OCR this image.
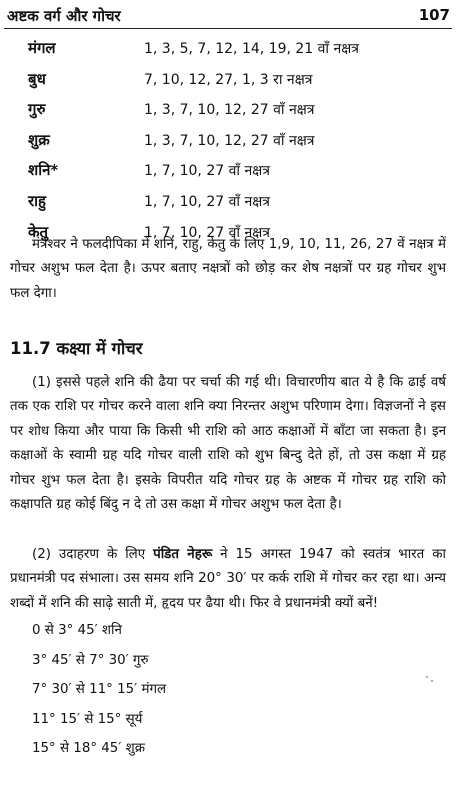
अष्टक वर्ग और गोचर	107
मंगल	1, 3, 5, 7, 12, 14, 19, 21 वाँ नक्षत्र
बुध	7, 10, 12, 27, 1, 3 रा नक्षत्र
गुरु	1, 3, 7, 10, 12, 27 वाँ नक्षत्र
शुक्र	1, 3, 7, 10, 12, 27 वाँ नक्षत्र
शनि*	1, 7, 10, 27 वाँ नक्षत्र
राहु	1, 7, 10, 27 वाँ नक्षत्र
केतु	1, 7, 10, 27 वाँ नक्षत्र
मंत्रेश्वर ने फलदीपिका में शनि, राहु, केतु के लिए 1,9, 10, 11, 26, 27 वें नक्षत्र में गोचर अशुभ फल देता है। ऊपर बताए नक्षत्रों को छोड़ कर शेष नक्षत्रों पर ग्रह गोचर शुभ फल देगा।
11.7 कक्ष्या में गोचर
(1) इससे पहले शनि की ढैया पर चर्चा की गई थी। विचारणीय बात ये है कि ढाई वर्ष तक एक राशि पर गोचर करने वाला शनि क्या निरन्तर अशुभ परिणाम देगा। विज्ञजनों ने इस पर शोध किया और पाया कि किसी भी राशि को आठ कक्षाओं में बाँटा जा सकता है। इन कक्षाओं के स्वामी ग्रह यदि गोचर वाली राशि को शुभ बिन्दु देते हों, तो उस कक्षा में ग्रह गोचर शुभ फल देता है। इसके विपरीत यदि गोचर ग्रह के अष्टक में गोचर ग्रह राशि को कक्षापति ग्रह कोई बिंदु न दे तो उस कक्षा में गोचर अशुभ फल देता है।
(2) उदाहरण के लिए पंडित नेहरू ने 15 अगस्त 1947 को स्वतंत्र भारत का प्रधानमंत्री पद संभाला। उस समय शनि 20° 30′ पर कर्क राशि में गोचर कर रहा था। अन्य शब्दों में शनि की साढ़े साती में, हृदय पर ढैया थी। फिर वे प्रधानमंत्री क्यों बनें!
0 से 3° 45′ शनि
3° 45′ से 7° 30′ गुरु
7° 30′ से 11° 15′ मंगल
11° 15′ से 15° सूर्य
15° से 18° 45′ शुक्र
